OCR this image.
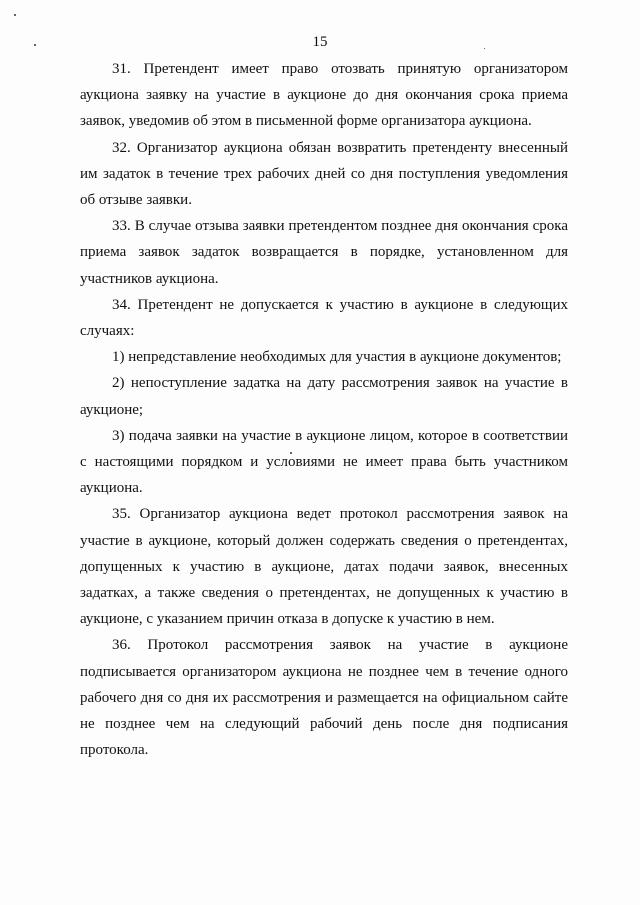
15

31. Претендент имеет право отозвать принятую организатором аукциона заявку на участие в аукционе до дня окончания срока приема заявок, уведомив об этом в письменной форме организатора аукциона.

32. Организатор аукциона обязан возвратить претенденту внесенный им задаток в течение трех рабочих дней со дня поступления уведомления об отзыве заявки.

33. В случае отзыва заявки претендентом позднее дня окончания срока приема заявок задаток возвращается в порядке, установленном для участников аукциона.

34. Претендент не допускается к участию в аукционе в следующих случаях:

1) непредставление необходимых для участия в аукционе документов;

2) непоступление задатка на дату рассмотрения заявок на участие в аукционе;

3) подача заявки на участие в аукционе лицом, которое в соответствии с настоящими порядком и условиями не имеет права быть участником аукциона.

35. Организатор аукциона ведет протокол рассмотрения заявок на участие в аукционе, который должен содержать сведения о претендентах, допущенных к участию в аукционе, датах подачи заявок, внесенных задатках, а также сведения о претендентах, не допущенных к участию в аукционе, с указанием причин отказа в допуске к участию в нем.

36. Протокол рассмотрения заявок на участие в аукционе подписывается организатором аукциона не позднее чем в течение одного рабочего дня со дня их рассмотрения и размещается на официальном сайте не позднее чем на следующий рабочий день после дня подписания протокола.
